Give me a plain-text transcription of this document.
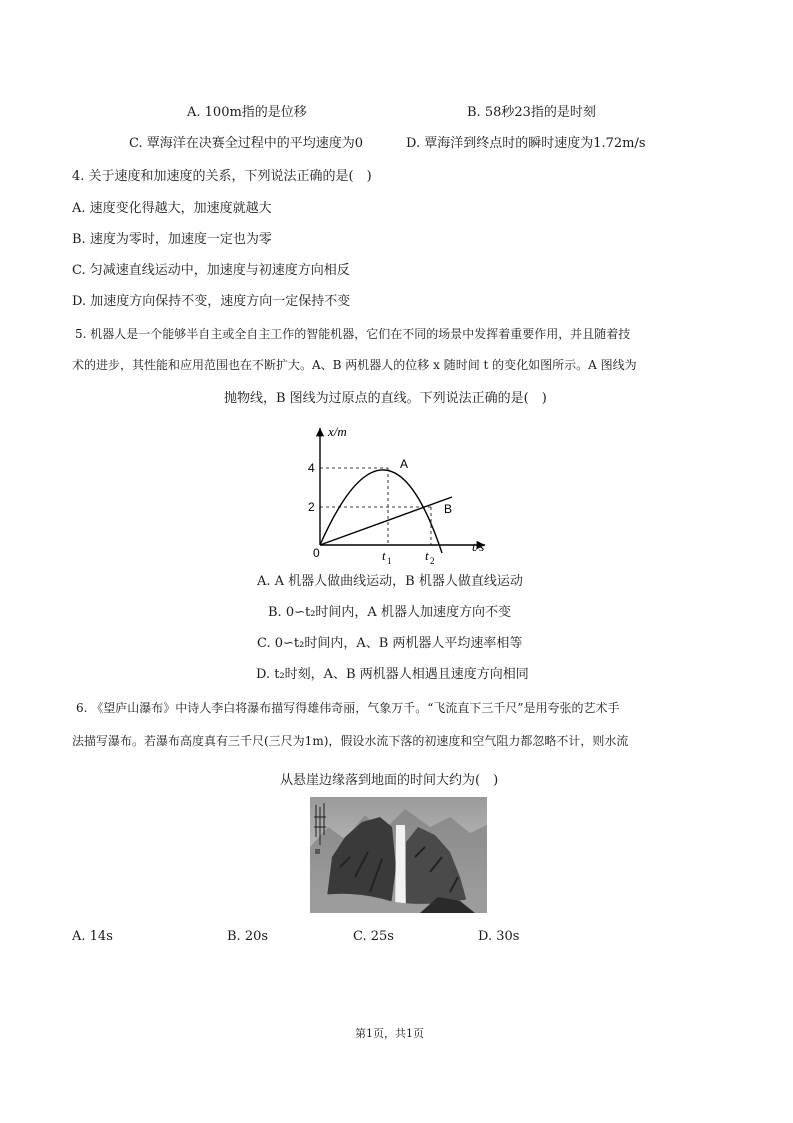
A. 100m指的是位移	B. 58秒23指的是时刻
C. 覃海洋在决赛全过程中的平均速度为0	D. 覃海洋到终点时的瞬时速度为1.72m/s
4. 关于速度和加速度的关系，下列说法正确的是(　)
A. 速度变化得越大，加速度就越大
B. 速度为零时，加速度一定也为零
C. 匀减速直线运动中，加速度与初速度方向相反
D. 加速度方向保持不变，速度方向一定保持不变
5. 机器人是一个能够半自主或全自主工作的智能机器，它们在不同的场景中发挥着重要作用，并且随着技
术的进步，其性能和应用范围也在不断扩大。A、B 两机器人的位移 x 随时间 t 的变化如图所示。A 图线为
抛物线，B 图线为过原点的直线。下列说法正确的是(　)
x/m
t/s
0
4
2
t 1	t 2
A
B
A. A 机器人做曲线运动，B 机器人做直线运动
B. 0∽t₂时间内，A 机器人加速度方向不变
C. 0∽t₂时间内，A、B 两机器人平均速率相等
D. t₂时刻，A、B 两机器人相遇且速度方向相同
6. 《望庐山瀑布》中诗人李白将瀑布描写得雄伟奇丽，气象万千。“飞流直下三千尺”是用夸张的艺术手
法描写瀑布。若瀑布高度真有三千尺(三尺为1m)，假设水流下落的初速度和空气阻力都忽略不计，则水流
从悬崖边缘落到地面的时间大约为(　)
A. 14s	B. 20s	C. 25s	D. 30s
第1页，共1页
